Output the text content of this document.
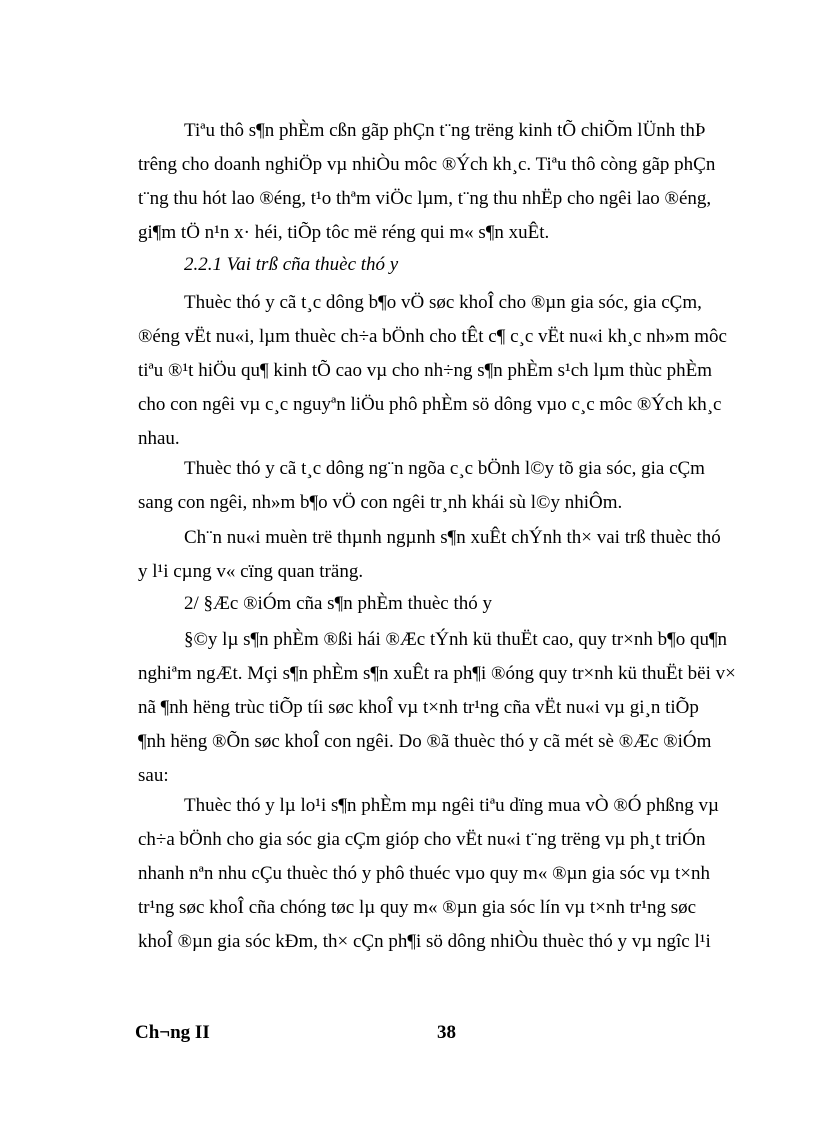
Tiªu thô s¶n phÈm cßn gãp phÇn t¨ng trëng kinh tÕ chiÕm lÜnh thÞ
trêng cho doanh nghiÖp vµ nhiÒu môc ®Ých kh¸c. Tiªu thô còng gãp phÇn
t¨ng thu hót lao ®éng, t¹o thªm viÖc lµm, t¨ng thu nhËp cho ngêi lao ®éng,
gi¶m tÖ n¹n x· héi, tiÕp tôc më réng qui m« s¶n xuÊt.
2.2.1 Vai trß cña thuèc thó y
Thuèc thó y cã t¸c dông b¶o vÖ søc khoÎ cho ®µn gia sóc, gia cÇm,
®éng vËt nu«i, lµm thuèc ch÷a bÖnh cho tÊt c¶ c¸c vËt nu«i kh¸c nh»m môc
tiªu ®¹t hiÖu qu¶ kinh tÕ cao vµ cho nh÷ng s¶n phÈm s¹ch lµm thùc phÈm
cho con ngêi vµ c¸c nguyªn liÖu phô phÈm sö dông vµo c¸c môc ®Ých kh¸c
nhau.
Thuèc thó y cã t¸c dông ng¨n ngõa c¸c bÖnh l©y tõ gia sóc, gia cÇm
sang con ngêi, nh»m b¶o vÖ con ngêi tr¸nh khái sù l©y nhiÔm.
Ch¨n nu«i muèn trë thµnh ngµnh s¶n xuÊt chÝnh th× vai trß thuèc thó
y l¹i cµng v« cïng quan träng.
2/ §Æc ®iÓm cña s¶n phÈm thuèc thó y
§©y lµ s¶n phÈm ®ßi hái ®Æc tÝnh kü thuËt cao, quy tr×nh b¶o qu¶n
nghiªm ngÆt. Mçi s¶n phÈm s¶n xuÊt ra ph¶i ®óng quy tr×nh kü thuËt bëi v×
nã ¶nh hëng trùc tiÕp tíi søc khoÎ vµ t×nh tr¹ng cña vËt nu«i vµ gi¸n tiÕp
¶nh hëng ®Õn søc khoÎ con ngêi. Do ®ã thuèc thó y cã mét sè ®Æc ®iÓm
sau:
Thuèc thó y lµ lo¹i s¶n phÈm mµ ngêi tiªu dïng mua vÒ ®Ó phßng vµ
ch÷a bÖnh cho gia sóc gia cÇm gióp cho vËt nu«i t¨ng trëng vµ ph¸t triÓn
nhanh nªn nhu cÇu thuèc thó y phô thuéc vµo quy m« ®µn gia sóc vµ t×nh
tr¹ng søc khoÎ cña chóng tøc lµ quy m« ®µn gia sóc lín vµ t×nh tr¹ng søc
khoÎ ®µn gia sóc kÐm, th× cÇn ph¶i sö dông nhiÒu thuèc thó y vµ ngîc l¹i
Ch¬ng II	38
